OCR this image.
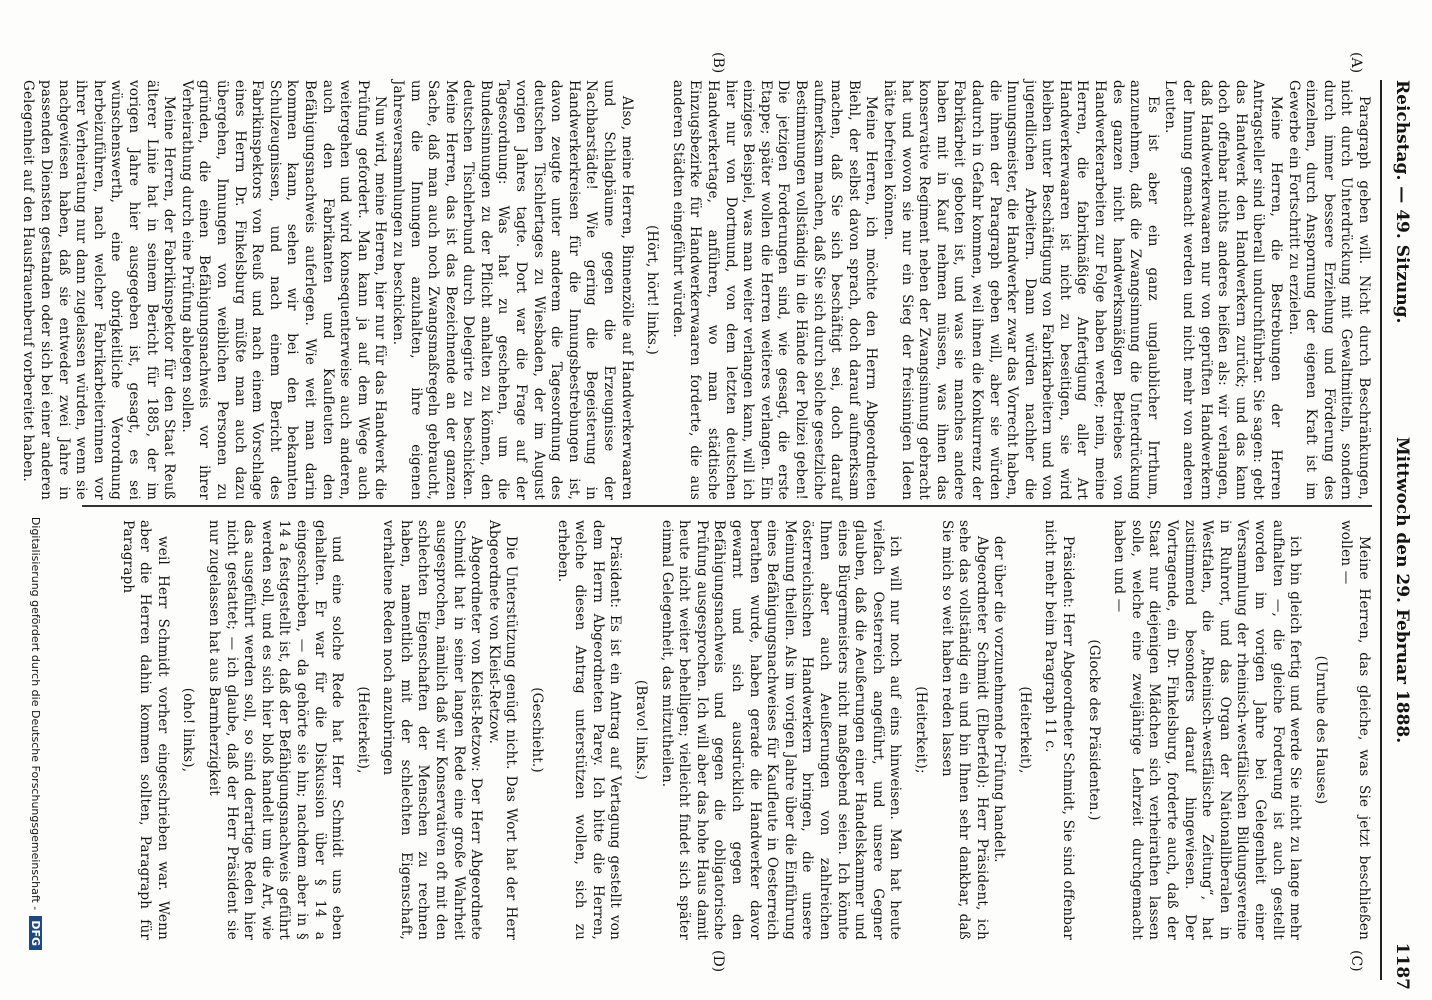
Reichstag. — 49. Sitzung.
Mittwoch den 29. Februar 1888.
1187
(A)
(B)
(C)
(D)

Paragraph geben will. Nicht durch Beschränkungen, nicht durch Unterdrückung mit Gewaltmitteln, sondern durch immer bessere Erziehung und Förderung des einzelnen, durch Anspornung der eigenen Kraft ist im Gewerbe ein Fortschritt zu erzielen.

Meine Herren, die Bestrebungen der Herren Antragsteller sind überall undurchführbar. Sie sagen: gebt das Handwerk den Handwerkern zurück; und das kann doch offenbar nichts anderes heißen als: wir verlangen, daß Handwerkerwaaren nur von geprüften Handwerkern der Innung gemacht werden und nicht mehr von anderen Leuten.

Es ist aber ein ganz unglaublicher Irrthum, anzunehmen, daß die Zwangsinnung die Unterdrückung des ganzen nicht handwerksmäßigen Betriebes von Handwerkerarbeiten zur Folge haben werde; nein, meine Herren, die fabrikmäßige Anfertigung aller Art Handwerkerwaaren ist nicht zu beseitigen, sie wird bleiben unter Beschäftigung von Fabrikarbeitern und von jugendlichen Arbeitern. Dann würden nachher die Innungsmeister, die Handwerker zwar das Vorrecht haben, die ihnen der Paragraph geben will, aber sie würden dadurch in Gefahr kommen, weil ihnen die Konkurrenz der Fabrikarbeit geboten ist, und was sie manches andere haben mit in Kauf nehmen müssen, was ihnen das konservative Regiment neben der Zwangsinnung gebracht hat und wovon sie nur ein Sieg der freisinnigen Ideen hätte befreien können.

Meine Herren, ich möchte den Herrn Abgeordneten Biehl, der selbst davon sprach, doch darauf aufmerksam machen, daß Sie sich beschäftigt sei, doch darauf aufmerksam machen, daß Sie sich durch solche gesetzliche Bestimmungen vollständig in die Hände der Polizei geben! Die jetzigen Forderungen sind, wie gesagt, die erste Etappe; später wollen die Herren weiteres verlangen. Ein einziges Beispiel, was man weiter verlangen kann, will ich hier nur von Dortmund, von dem letzten deutschen Handwerkertage, anführen, wo man städtische Einzugsbezirke für Handwerkerwaaren forderte, die aus anderen Städten eingeführt würden.

(Hört, hört! links.)

Also, meine Herren, Binnenzölle auf Handwerkerwaaren und Schlagbäume gegen die Erzeugnisse der Nachbarstädte! Wie gering die Begeisterung in Handwerkerkreisen für die Innungsbestrebungen ist, davon zeugte unter anderem die Tagesordnung des deutschen Tischlertages zu Wiesbaden, der im August vorigen Jahres tagte. Dort war die Frage auf der Tagesordnung: Was hat zu geschehen, um die Bundesinnungen zu der Pflicht anhalten zu können, den deutschen Tischlerbund durch Delegirte zu beschicken. Meine Herren, das ist das Bezeichnende an der ganzen Sache, daß man auch noch Zwangsmaßregeln gebraucht, um die Innungen anzuhalten, ihre eigenen Jahresversammlungen zu beschicken.

Nun wird, meine Herren, hier nur für das Handwerk die Prüfung gefordert. Man kann ja auf dem Wege auch weitergehen und wird konsequenterweise auch anderen, auch den Fabrikanten und Kaufleuten den Befähigungsnachweis auferlegen. Wie weit man darin kommen kann, sehen wir bei den bekannten Schulzeugnissen, und nach einem Bericht des Fabrikinspektors von Reuß und nach einem Vorschlage eines Herrn Dr. Finkelsburg müßte man auch dazu übergehen, Innungen von weiblichen Personen zu gründen, die einen Befähigungsnachweis vor ihrer Verheirathung durch eine Prüfung ablegen sollen.

Meine Herren, der Fabrikinspektor für den Staat Reuß älterer Linie hat in seinem Bericht für 1885, der im vorigen Jahre hier ausgegeben ist, gesagt, es sei wünschenswerth, eine obrigkeitliche Verordnung herbeizuführen, nach welcher Fabrikarbeiterinnen vor ihrer Verheiratung nur dann zugelassen würden, wenn sie nachgewiesen haben, daß sie entweder zwei Jahre in passenden Diensten gestanden oder sich bei einer anderen Gelegenheit auf den Hausfrauenberuf vorbereitet haben.

Meine Herren, das gleiche, was Sie jetzt beschließen wollen —

(Unruhe des Hauses)

ich bin gleich fertig und werde Sie nicht zu lange mehr aufhalten —, die gleiche Forderung ist auch gestellt worden im vorigen Jahre bei Gelegenheit einer Versammlung der rheinisch-westfälischen Bildungsvereine in Ruhrort, und das Organ der Nationalliberalen in Westfalen, die „Rheinisch-westfälische Zeitung“, hat zustimmend besonders darauf hingewiesen. Der Vortragende, ein Dr. Finkelsburg, forderte auch, daß der Staat nur diejenigen Mädchen sich verheirathen lassen solle, welche eine zweijährige Lehrzeit durchgemacht haben und —

(Glocke des Präsidenten.)

Präsident: Herr Abgeordneter Schmidt, Sie sind offenbar nicht mehr beim Paragraph 11 c.

(Heiterkeit),

der über die vorzunehmende Prüfung handelt.

Abgeordneter Schmidt (Elberfeld): Herr Präsident, ich sehe das vollständig ein und bin Ihnen sehr dankbar, daß Sie mich so weit haben reden lassen

(Heiterkeit);

ich will nur noch auf eins hinweisen. Man hat heute vielfach Oesterreich angeführt, und unsere Gegner glauben, daß die Aeußerungen einer Handelskammer und eines Bürgermeisters nicht maßgebend seien. Ich könnte Ihnen aber auch Aeußerungen von zahlreichen österreichischen Handwerkern bringen, die unsere Meinung theilen. Als im vorigen Jahre über die Einführung eines Befähigungsnachweises für Kaufleute in Oesterreich berathen wurde, haben gerade die Handwerker davor gewarnt und sich ausdrücklich gegen den Befähigungsnachweis und gegen die obligatorische Prüfung ausgesprochen. Ich will aber das hohe Haus damit heute nicht weiter behelligen; vielleicht findet sich später einmal Gelegenheit, das mitzutheilen.

(Bravo! links.)

Präsident: Es ist ein Antrag auf Vertagung gestellt von dem Herrn Abgeordneten Parey. Ich bitte die Herren, welche diesen Antrag unterstützen wollen, sich zu erheben.

(Geschieht.)

Die Unterstützung genügt nicht. Das Wort hat der Herr Abgeordnete von Kleist-Retzow.

Abgeordneter von Kleist-Retzow: Der Herr Abgeordnete Schmidt hat in seiner langen Rede eine große Wahrheit ausgesprochen, nämlich daß wir Konservativen oft mit den schlechten Eigenschaften der Menschen zu rechnen haben, namentlich mit der schlechten Eigenschaft, verhaltene Reden noch anzubringen

(Heiterkeit),

und eine solche Rede hat Herr Schmidt uns eben gehalten. Er war für die Diskussion über § 14 a eingeschrieben, — da gehörte sie hin; nachdem aber in § 14 a festgestellt ist, daß der Befähigungsnachweis geführt werden soll, und es sich hier bloß handelt um die Art, wie das ausgeführt werden soll, so sind derartige Reden hier nicht gestattet; — ich glaube, daß der Herr Präsident sie nur zugelassen hat aus Barmherzigkeit

(oho! links),

weil Herr Schmidt vorher eingeschrieben war. Wenn aber die Herren dahin kommen sollten, Paragraph für Paragraph

Digitalisierung gefördert durch die Deutsche Forschungsgemeinschaft -DFG
